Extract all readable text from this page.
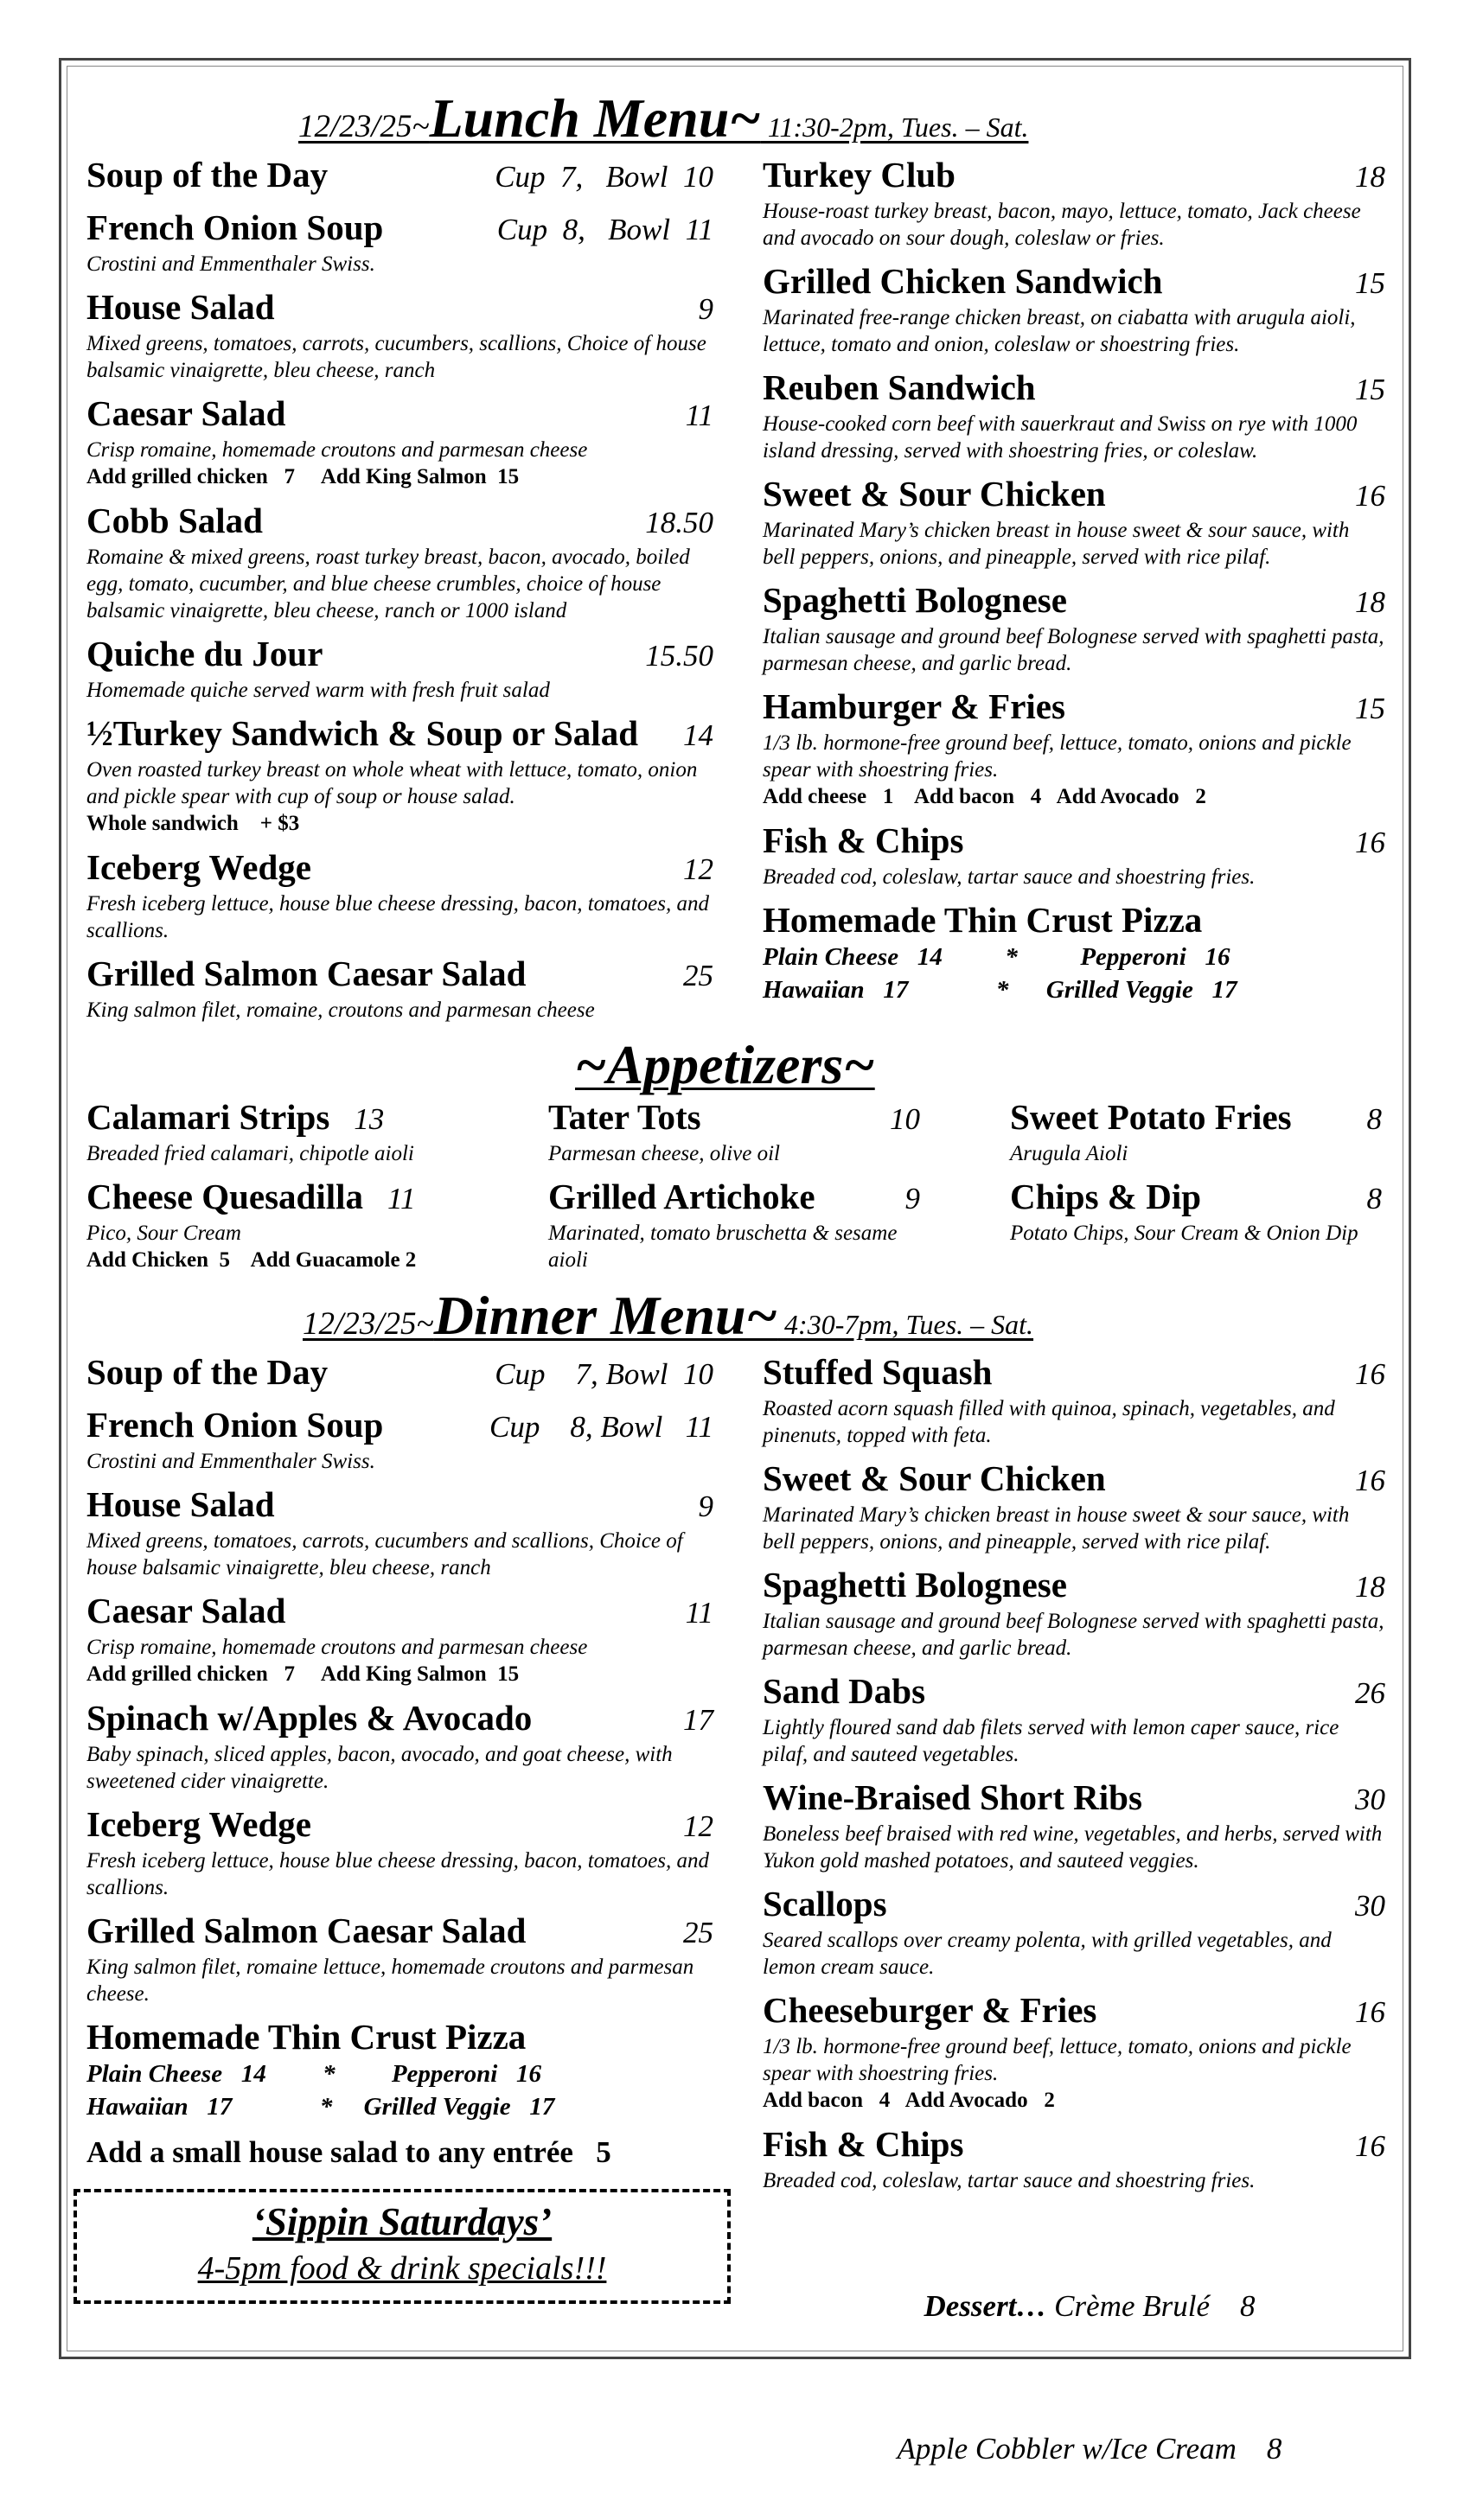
12/23/25~Lunch Menu~ 11:30-2pm, Tues. – Sat.
Soup of the Day	Cup  7,   Bowl  10
French Onion Soup	Cup  8,   Bowl  11
Crostini and Emmenthaler Swiss.
House Salad	9
Mixed greens, tomatoes, carrots, cucumbers, scallions, Choice of house balsamic vinaigrette, bleu cheese, ranch
Caesar Salad	11
Crisp romaine, homemade croutons and parmesan cheese
Add grilled chicken   7     Add King Salmon  15
Cobb Salad	18.50
Romaine & mixed greens, roast turkey breast, bacon, avocado, boiled egg, tomato, cucumber, and blue cheese crumbles, choice of house balsamic vinaigrette, bleu cheese, ranch or 1000 island
Quiche du Jour	15.50
Homemade quiche served warm with fresh fruit salad
½Turkey Sandwich & Soup or Salad 14
Oven roasted turkey breast on whole wheat with lettuce, tomato, onion and pickle spear with cup of soup or house salad.
Whole sandwich    + $3
Iceberg Wedge	12
Fresh iceberg lettuce, house blue cheese dressing, bacon, tomatoes, and scallions.
Grilled Salmon Caesar Salad	25
King salmon filet, romaine, croutons and parmesan cheese
Turkey Club	18
House-roast turkey breast, bacon, mayo, lettuce, tomato, Jack cheese and avocado on sour dough, coleslaw or fries.
Grilled Chicken Sandwich	15
Marinated free-range chicken breast, on ciabatta with arugula aioli, lettuce, tomato and onion, coleslaw or shoestring fries.
Reuben Sandwich	15
House-cooked corn beef with sauerkraut and Swiss on rye with 1000 island dressing, served with shoestring fries, or coleslaw.
Sweet & Sour Chicken	16
Marinated Mary’s chicken breast in house sweet & sour sauce, with bell peppers, onions, and pineapple, served with rice pilaf.
Spaghetti Bolognese	18
Italian sausage and ground beef Bolognese served with spaghetti pasta, parmesan cheese, and garlic bread.
Hamburger & Fries	15
1/3 lb. hormone-free ground beef, lettuce, tomato, onions and pickle spear with shoestring fries.
Add cheese   1    Add bacon   4   Add Avocado   2
Fish & Chips	16
Breaded cod, coleslaw, tartar sauce and shoestring fries.
Homemade Thin Crust Pizza
Plain Cheese   14          *          Pepperoni   16
Hawaiian   17              *      Grilled Veggie   17
~Appetizers~
Calamari Strips 13
Breaded fried calamari, chipotle aioli
Cheese Quesadilla 11
Pico, Sour Cream
Add Chicken  5    Add Guacamole 2
Tater Tots	10
Parmesan cheese, olive oil
Grilled Artichoke	9
Marinated, tomato bruschetta & sesame aioli
Sweet Potato Fries 8
Arugula Aioli
Chips & Dip	8
Potato Chips, Sour Cream & Onion Dip
12/23/25~Dinner Menu~ 4:30-7pm, Tues. – Sat.
Soup of the Day	Cup    7, Bowl  10
French Onion Soup	Cup    8, Bowl   11
Crostini and Emmenthaler Swiss.
House Salad	9
Mixed greens, tomatoes, carrots, cucumbers and scallions, Choice of house balsamic vinaigrette, bleu cheese, ranch
Caesar Salad	11
Crisp romaine, homemade croutons and parmesan cheese
Add grilled chicken   7     Add King Salmon  15
Spinach w/Apples & Avocado	17
Baby spinach, sliced apples, bacon, avocado, and goat cheese, with sweetened cider vinaigrette.
Iceberg Wedge	12
Fresh iceberg lettuce, house blue cheese dressing, bacon, tomatoes, and scallions.
Grilled Salmon Caesar Salad	25
King salmon filet, romaine lettuce, homemade croutons and parmesan cheese.
Homemade Thin Crust Pizza
Plain Cheese   14         *         Pepperoni   16
Hawaiian   17              *     Grilled Veggie   17
Add a small house salad to any entrée   5
Stuffed Squash	16
Roasted acorn squash filled with quinoa, spinach, vegetables, and pinenuts, topped with feta.
Sweet & Sour Chicken	16
Marinated Mary’s chicken breast in house sweet & sour sauce, with bell peppers, onions, and pineapple, served with rice pilaf.
Spaghetti Bolognese	18
Italian sausage and ground beef Bolognese served with spaghetti pasta, parmesan cheese, and garlic bread.
Sand Dabs	26
Lightly floured sand dab filets served with lemon caper sauce, rice pilaf, and sauteed vegetables.
Wine-Braised Short Ribs	30
Boneless beef braised with red wine, vegetables, and herbs, served with Yukon gold mashed potatoes, and sauteed veggies.
Scallops	30
Seared scallops over creamy polenta, with grilled vegetables, and lemon cream sauce.
Cheeseburger & Fries	16
1/3 lb. hormone-free ground beef, lettuce, tomato, onions and pickle spear with shoestring fries.
Add bacon   4   Add Avocado   2
Fish & Chips	16
Breaded cod, coleslaw, tartar sauce and shoestring fries.
‘Sippin Saturdays’
4-5pm food & drink specials!!!

Dessert… Crème Brulé    8

Apple Cobbler w/Ice Cream    8
